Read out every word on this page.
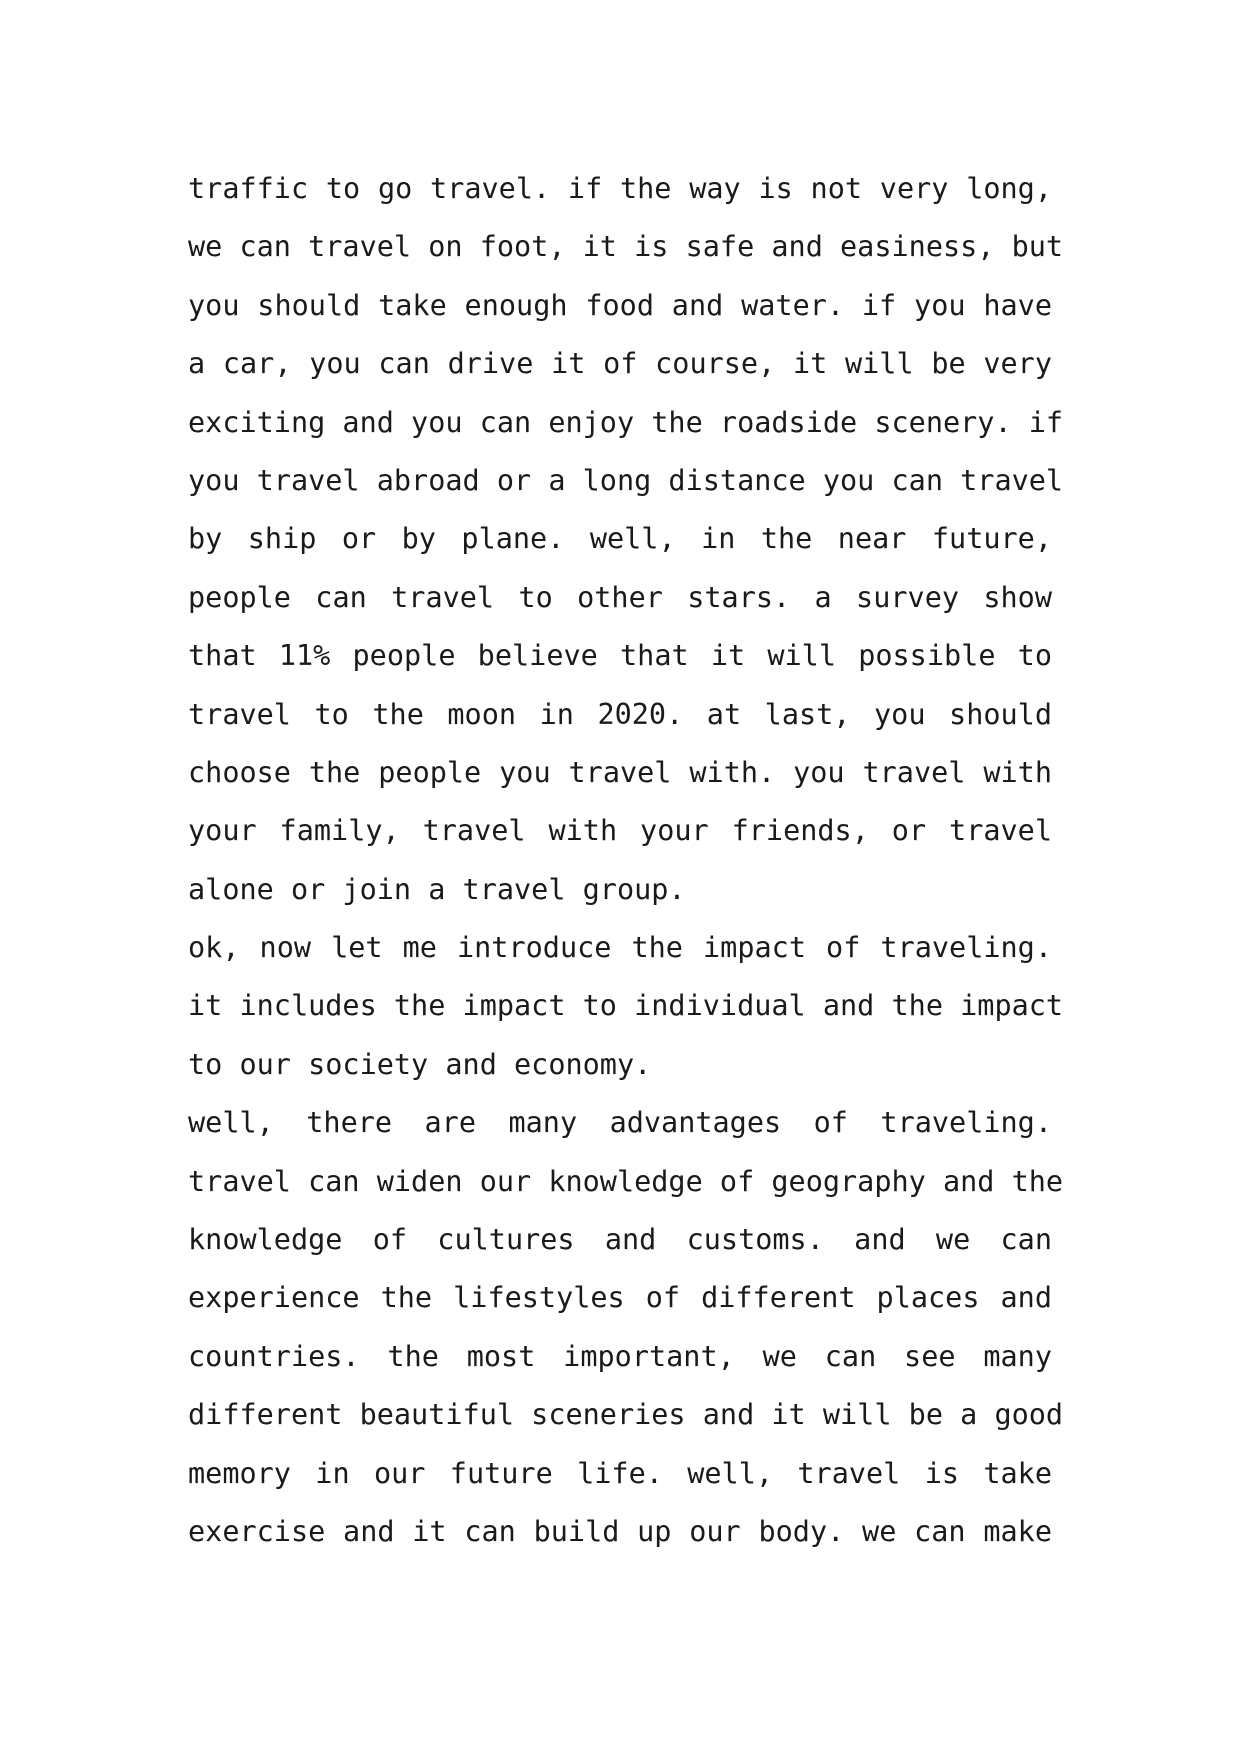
traffic to go travel. if the way is not very long,
we can travel on foot, it is safe and easiness, but
you should take enough food and water. if you have
a car, you can drive it of course, it will be very
exciting and you can enjoy the roadside scenery. if
you travel abroad or a long distance you can travel
by ship or by plane. well, in the near future,
people can travel to other stars. a survey show
that 11% people believe that it will possible to
travel to the moon in 2020. at last, you should
choose the people you travel with. you travel with
your family, travel with your friends, or travel
alone or join a travel group.
ok, now let me introduce the impact of traveling.
it includes the impact to individual and the impact
to our society and economy.
well, there are many advantages of traveling.
travel can widen our knowledge of geography and the
knowledge of cultures and customs. and we can
experience the lifestyles of different places and
countries. the most important, we can see many
different beautiful sceneries and it will be a good
memory in our future life. well, travel is take
exercise and it can build up our body. we can make
